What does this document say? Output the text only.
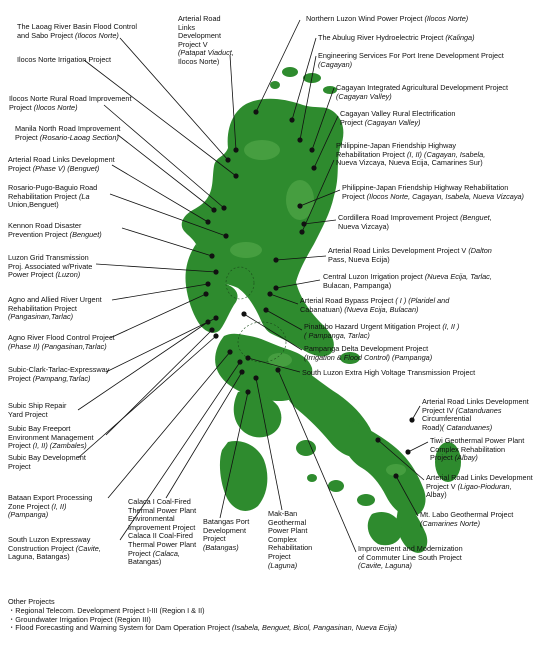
The Laoag River Basin Flood Control
and Sabo Project (Ilocos Norte)
Ilocos Norte Irrigation Project
Ilocos Norte Rural Road Improvement
Project (Ilocos Norte)
Manila North Road Improvement
Project (Rosario-Laoag Section)
Arterial Road Links Development
Project (Phase V) (Benguet)
Rosario-Pugo-Baguio Road
Rehabilitation Project (La
Union,Benguet)
Kennon Road Disaster
Prevention Project (Benguet)
Luzon Grid Transmission
Proj. Associated w/Private
Power Project (Luzon)
Agno and Allied River Urgent
Rehabilitation Project
(Pangasinan,Tarlac)
Agno River Flood Control Project
(Phase II) (Pangasinan,Tarlac)
Subic-Clark-Tarlac-Expressway
Project (Pampang,Tarlac)
Subic Ship Repair
Yard Project
Subic Bay Freeport
Environment Management
Project (I, II) (Zambales)
Subic Bay Development
Project
Bataan Export Processing
Zone Project (I, II)
(Pampanga)
South Luzon Expressway
Construction Project (Cavite,
Laguna, Batangas)
Calaca I Coal-Fired
Thermal Power Plant
Environmental
Improvement Project
Calaca II Coal-Fired
Thermal Power Plant
Project (Calaca,
Batangas)
Batangas Port
Development
Project
(Batangas)
Mak-Ban
Geothermal
Power Plant
Complex
Rehabilitation
Project
(Laguna)
Arterial Road
Links
Development
Project V
(Patapat Viaduct,
Ilocos Norte)
Northern Luzon Wind Power Project (Ilocos Norte)
The Abulug River Hydroelectric Project (Kalinga)
Engineering Services For Port Irene Development Project
(Cagayan)
Cagayan Integrated Agricultural Development Project
(Cagayan Valley)
Cagayan Valley Rural Electrification
Project (Cagayan Valley)
Philippine-Japan Friendship Highway
Rehabilitation Project (I, II) (Cagayan, Isabela,
Nueva Vizcaya, Nueva Ecija, Camarines Sur)
Philippine-Japan Friendship Highway Rehabilitation
Project (Ilocos Norte, Cagayan, Isabela, Nueva Vizcaya)
Cordillera Road Improvement Project (Benguet,
Nueva Vizcaya)
Arterial Road Links Development Project V (Dalton
Pass, Nueva Ecija)
Central Luzon Irrigation project (Nueva Ecija, Tarlac,
Bulacan, Pampanga)
Arterial Road Bypass Project ( I ) (Plaridel and
Cabanatuan) (Nueva Ecija, Bulacan)
Pinatubo Hazard Urgent Mitigation Project (I, II )
( Pampanga, Tarlac)
Pampanga Delta Development Project
(Irrigation & Flood Control) (Pampanga)
South Luzon Extra High Voltage Transmission Project
Arterial Road Links Development
Project IV (Catanduanes
Circumferential
Road)( Catanduanes)
Tiwi Geothermal Power Plant
Complex Rehabilitation
Project (Albay)
Arterial Road Links Development
Project V (Ligao-Pioduran,
Albay)
Mt. Labo Geothermal Project
(Camarines Norte)
Improvement and Modernization
of Commuter Line South Project
(Cavite, Laguna)
Other Projects
・Regional Telecom. Development Project I-III (Region I & II)
・Groundwater Irrigation Project (Region III)
・Flood Forecasting and Warning System for Dam Operation Project (Isabela, Benguet, Bicol, Pangasinan, Nueva Ecija)
